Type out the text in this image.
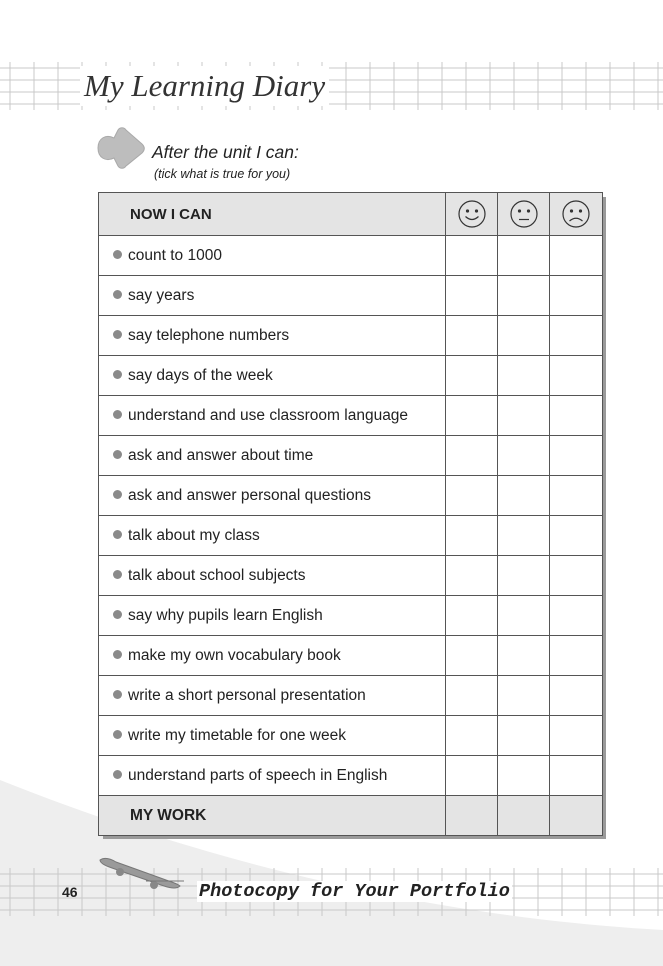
My Learning Diary
After the unit I can:
(tick what is true for you)
NOW I CAN	

count to 1000			
say years			
say telephone numbers			
say days of the week			
understand and use classroom language			
ask and answer about time			
ask and answer personal questions			
talk about my class			
talk about school subjects			
say why pupils learn English			
make my own vocabulary book			
write a short personal presentation			
write my timetable for one week			
understand parts of speech in English			
MY WORK			
46	Photocopy for Your Portfolio
